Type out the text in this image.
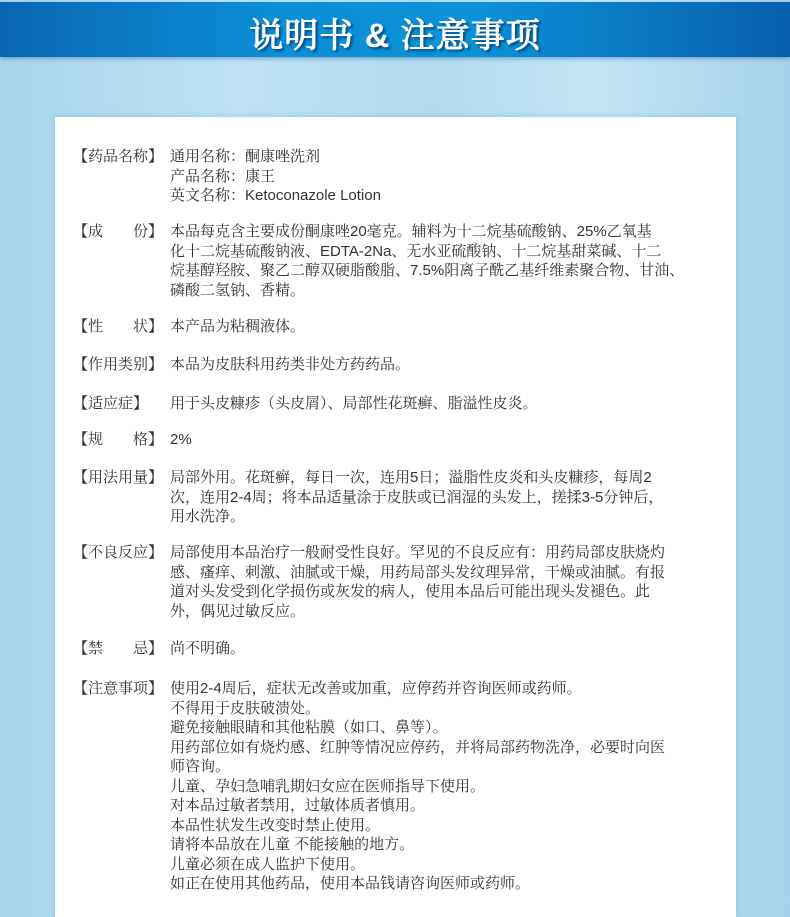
说明书 & 注意事项
【药品名称】 通用名称：酮康唑洗剂
产品名称：康王
英文名称：Ketoconazole Lotion
【成　　份】 本品每克含主要成份酮康唑20毫克。辅料为十二烷基硫酸钠、25%乙氧基
化十二烷基硫酸钠液、EDTA-2Na、无水亚硫酸钠、十二烷基甜菜碱、十二
烷基醇羟胺、聚乙二醇双硬脂酸脂、7.5%阳离子酰乙基纤维素聚合物、甘油、
磷酸二氢钠、香精。
【性　　状】 本产品为粘稠液体。
【作用类别】 本品为皮肤科用药类非处方药药品。
【适应症】	用于头皮糠疹（头皮屑）、局部性花斑癣、脂溢性皮炎。
【规　　格】 2%
【用法用量】 局部外用。花斑癣，每日一次，连用5日；溢脂性皮炎和头皮糠疹，每周2
次，连用2-4周；将本品适量涂于皮肤或已润湿的头发上，搓揉3-5分钟后，
用水洗净。
【不良反应】 局部使用本品治疗一般耐受性良好。罕见的不良反应有：用药局部皮肤烧灼
感、瘙痒、刺激、油腻或干燥，用药局部头发纹理异常，干燥或油腻。有报
道对头发受到化学损伤或灰发的病人，使用本品后可能出现头发褪色。此
外，偶见过敏反应。
【禁　　忌】 尚不明确。
【注意事项】 使用2-4周后，症状无改善或加重，应停药并咨询医师或药师。
不得用于皮肤破溃处。
避免接触眼睛和其他粘膜（如口、鼻等）。
用药部位如有烧灼感、红肿等情况应停药，并将局部药物洗净，必要时向医
师咨询。
儿童、孕妇急哺乳期妇女应在医师指导下使用。
对本品过敏者禁用，过敏体质者慎用。
本品性状发生改变时禁止使用。
请将本品放在儿童 不能接触的地方。
儿童必须在成人监护下使用。
如正在使用其他药品，使用本品钱请咨询医师或药师。
